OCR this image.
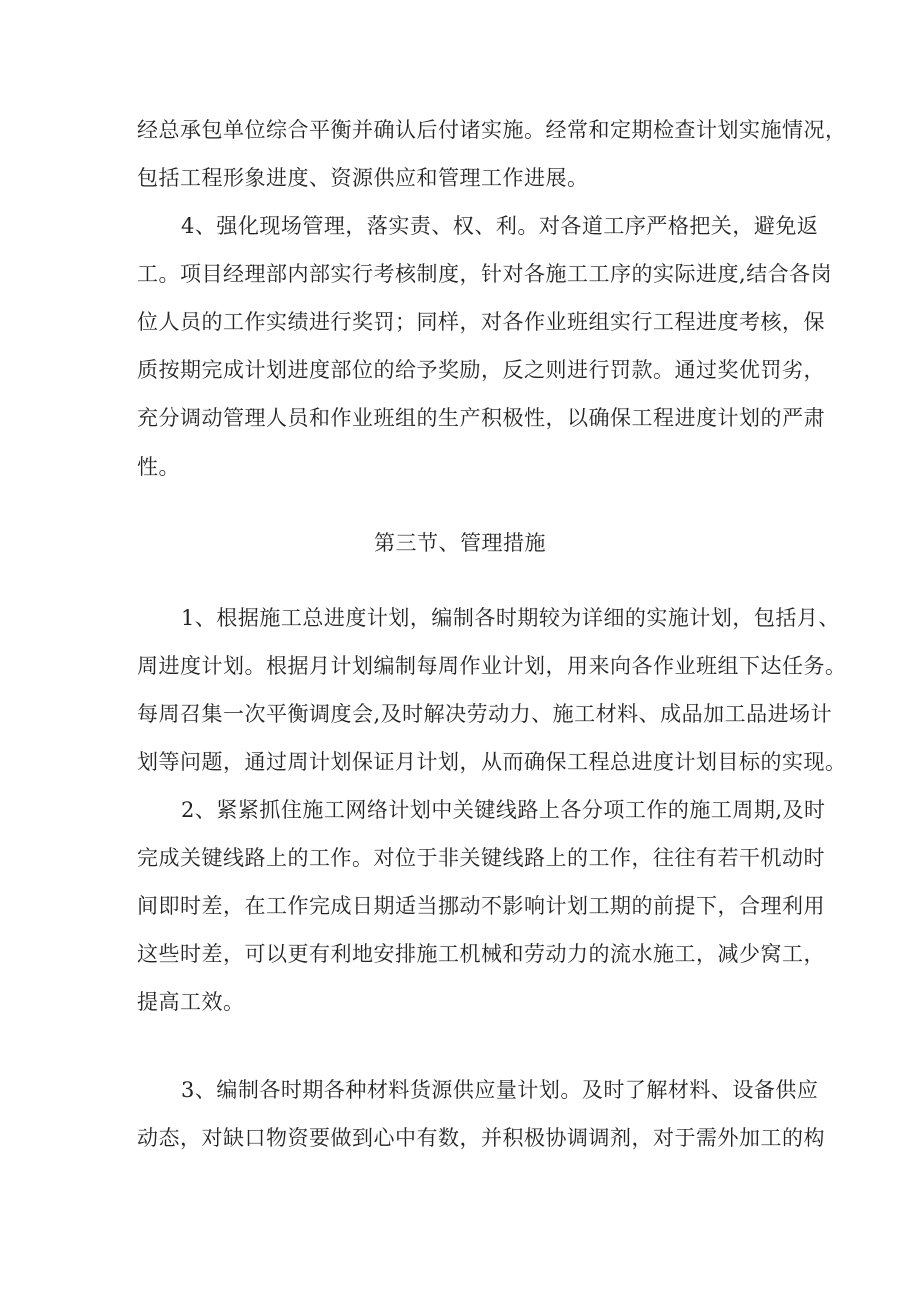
经总承包单位综合平衡并确认后付诸实施。经常和定期检查计划实施情况，
包括工程形象进度、资源供应和管理工作进展。
4、强化现场管理，落实责、权、利。对各道工序严格把关，避免返
工。项目经理部内部实行考核制度，针对各施工工序的实际进度,结合各岗
位人员的工作实绩进行奖罚；同样，对各作业班组实行工程进度考核，保
质按期完成计划进度部位的给予奖励，反之则进行罚款。通过奖优罚劣，
充分调动管理人员和作业班组的生产积极性，以确保工程进度计划的严肃
性。
第三节、管理措施
1、根据施工总进度计划，编制各时期较为详细的实施计划，包括月、
周进度计划。根据月计划编制每周作业计划，用来向各作业班组下达任务。
每周召集一次平衡调度会,及时解决劳动力、施工材料、成品加工品进场计
划等问题，通过周计划保证月计划，从而确保工程总进度计划目标的实现。
2、紧紧抓住施工网络计划中关键线路上各分项工作的施工周期,及时
完成关键线路上的工作。对位于非关键线路上的工作，往往有若干机动时
间即时差，在工作完成日期适当挪动不影响计划工期的前提下，合理利用
这些时差，可以更有利地安排施工机械和劳动力的流水施工，减少窝工，
提高工效。
3、编制各时期各种材料货源供应量计划。及时了解材料、设备供应
动态，对缺口物资要做到心中有数，并积极协调调剂，对于需外加工的构
